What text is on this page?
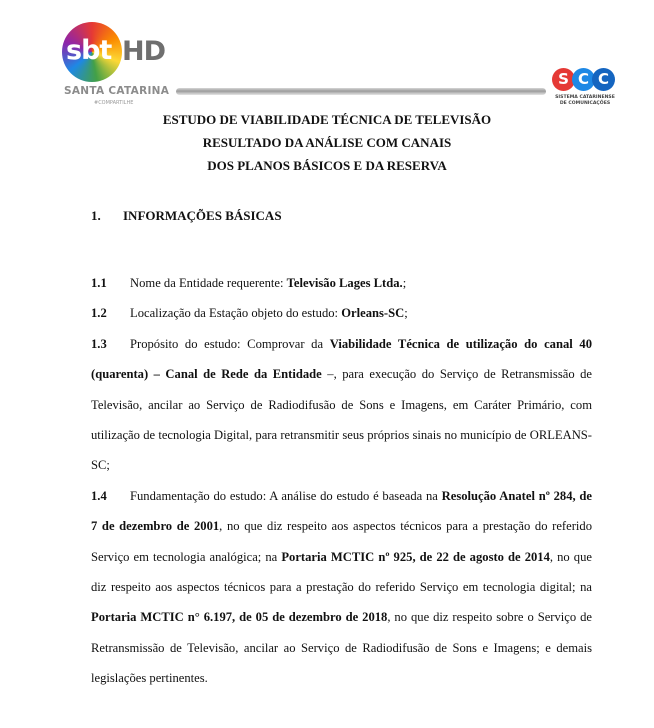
sbt HD
SANTA CATARINA
#COMPARTILHE
S C C
SISTEMA CATARINENSE
DE COMUNICAÇÕES
ESTUDO DE VIABILIDADE TÉCNICA DE TELEVISÃO
RESULTADO DA ANÁLISE COM CANAIS
DOS PLANOS BÁSICOS E DA RESERVA
1. INFORMAÇÕES BÁSICAS

1.1 Nome da Entidade requerente: Televisão Lages Ltda.;

1.2 Localização da Estação objeto do estudo: Orleans-SC;

1.3 Propósito do estudo: Comprovar da Viabilidade Técnica de utilização do canal 40 (quarenta) – Canal de Rede da Entidade –, para execução do Serviço de Retransmissão de Televisão, ancilar ao Serviço de Radiodifusão de Sons e Imagens, em Caráter Primário, com utilização de tecnologia Digital, para retransmitir seus próprios sinais no município de ORLEANS-SC;

1.4 Fundamentação do estudo: A análise do estudo é baseada na Resolução Anatel nº 284, de 7 de dezembro de 2001, no que diz respeito aos aspectos técnicos para a prestação do referido Serviço em tecnologia analógica; na Portaria MCTIC nº 925, de 22 de agosto de 2014, no que diz respeito aos aspectos técnicos para a prestação do referido Serviço em tecnologia digital; na Portaria MCTIC n° 6.197, de 05 de dezembro de 2018, no que diz respeito sobre o Serviço de Retransmissão de Televisão, ancilar ao Serviço de Radiodifusão de Sons e Imagens; e demais legislações pertinentes.
